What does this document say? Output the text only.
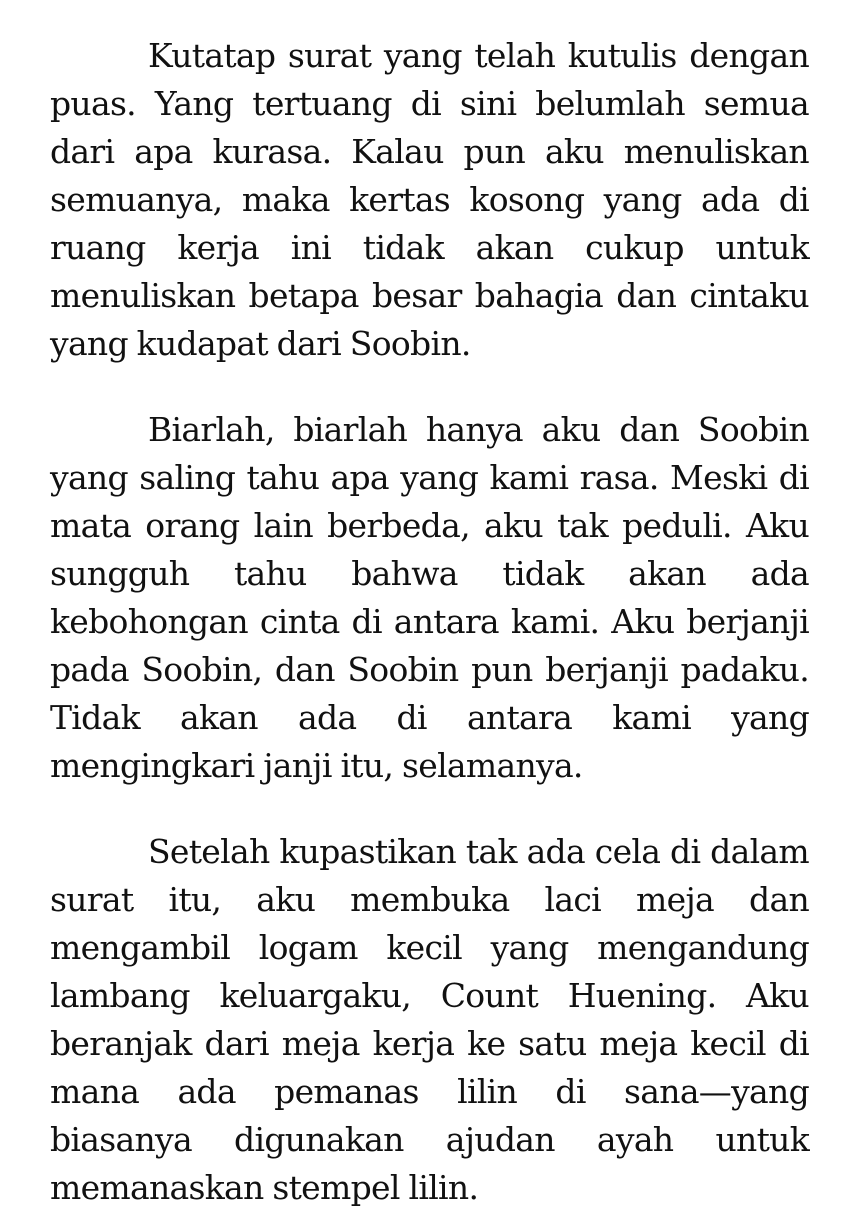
Kutatap surat yang telah kutulis dengan puas. Yang tertuang di sini belumlah semua dari apa kurasa. Kalau pun aku menuliskan semuanya, maka kertas kosong yang ada di ruang kerja ini tidak akan cukup untuk menuliskan betapa besar bahagia dan cintaku yang kudapat dari Soobin.

Biarlah, biarlah hanya aku dan Soobin yang saling tahu apa yang kami rasa. Meski di mata orang lain berbeda, aku tak peduli. Aku sungguh tahu bahwa tidak akan ada kebohongan cinta di antara kami. Aku berjanji pada Soobin, dan Soobin pun berjanji padaku. Tidak akan ada di antara kami yang mengingkari janji itu, selamanya.

Setelah kupastikan tak ada cela di dalam surat itu, aku membuka laci meja dan mengambil logam kecil yang mengandung lambang keluargaku, Count Huening. Aku beranjak dari meja kerja ke satu meja kecil di mana ada pemanas lilin di sana—yang biasanya digunakan ajudan ayah untuk memanaskan stempel lilin.
